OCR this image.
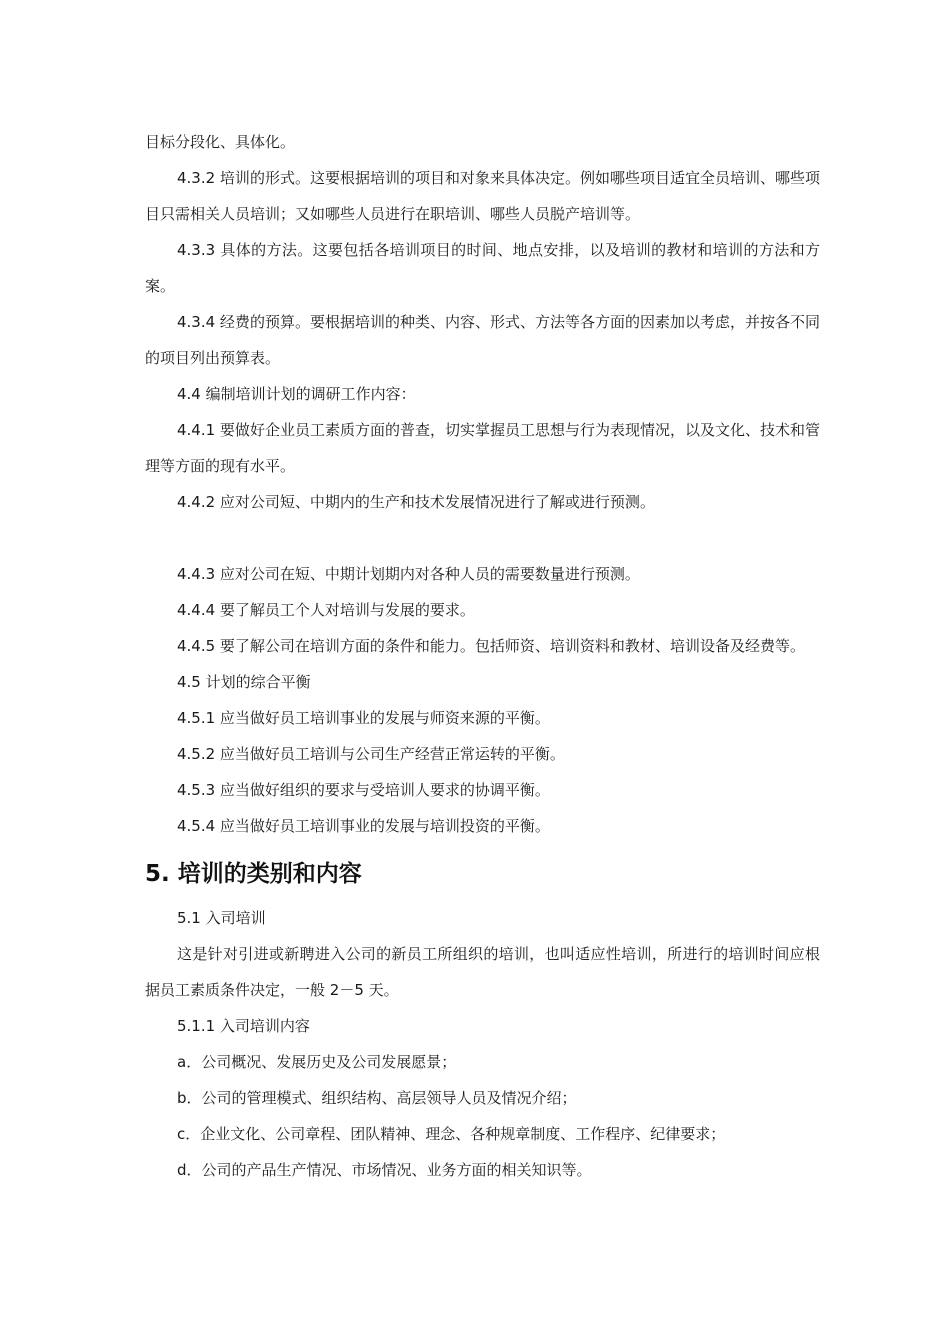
目标分段化、具体化。

4.3.2 培训的形式。这要根据培训的项目和对象来具体决定。例如哪些项目适宜全员培训、哪些项目只需相关人员培训；又如哪些人员进行在职培训、哪些人员脱产培训等。

4.3.3 具体的方法。这要包括各培训项目的时间、地点安排，以及培训的教材和培训的方法和方案。

4.3.4 经费的预算。要根据培训的种类、内容、形式、方法等各方面的因素加以考虑，并按各不同的项目列出预算表。

4.4 编制培训计划的调研工作内容：

4.4.1 要做好企业员工素质方面的普查，切实掌握员工思想与行为表现情况，以及文化、技术和管理等方面的现有水平。

4.4.2 应对公司短、中期内的生产和技术发展情况进行了解或进行预测。

4.4.3 应对公司在短、中期计划期内对各种人员的需要数量进行预测。

4.4.4 要了解员工个人对培训与发展的要求。

4.4.5 要了解公司在培训方面的条件和能力。包括师资、培训资料和教材、培训设备及经费等。

4.5 计划的综合平衡

4.5.1 应当做好员工培训事业的发展与师资来源的平衡。

4.5.2 应当做好员工培训与公司生产经营正常运转的平衡。

4.5.3 应当做好组织的要求与受培训人要求的协调平衡。

4.5.4 应当做好员工培训事业的发展与培训投资的平衡。

5. 培训的类别和内容

5.1 入司培训

这是针对引进或新聘进入公司的新员工所组织的培训，也叫适应性培训，所进行的培训时间应根据员工素质条件决定，一般 2－5 天。

5.1.1 入司培训内容

a．公司概况、发展历史及公司发展愿景；

b．公司的管理模式、组织结构、高层领导人员及情况介绍；

c．企业文化、公司章程、团队精神、理念、各种规章制度、工作程序、纪律要求；

d．公司的产品生产情况、市场情况、业务方面的相关知识等。
